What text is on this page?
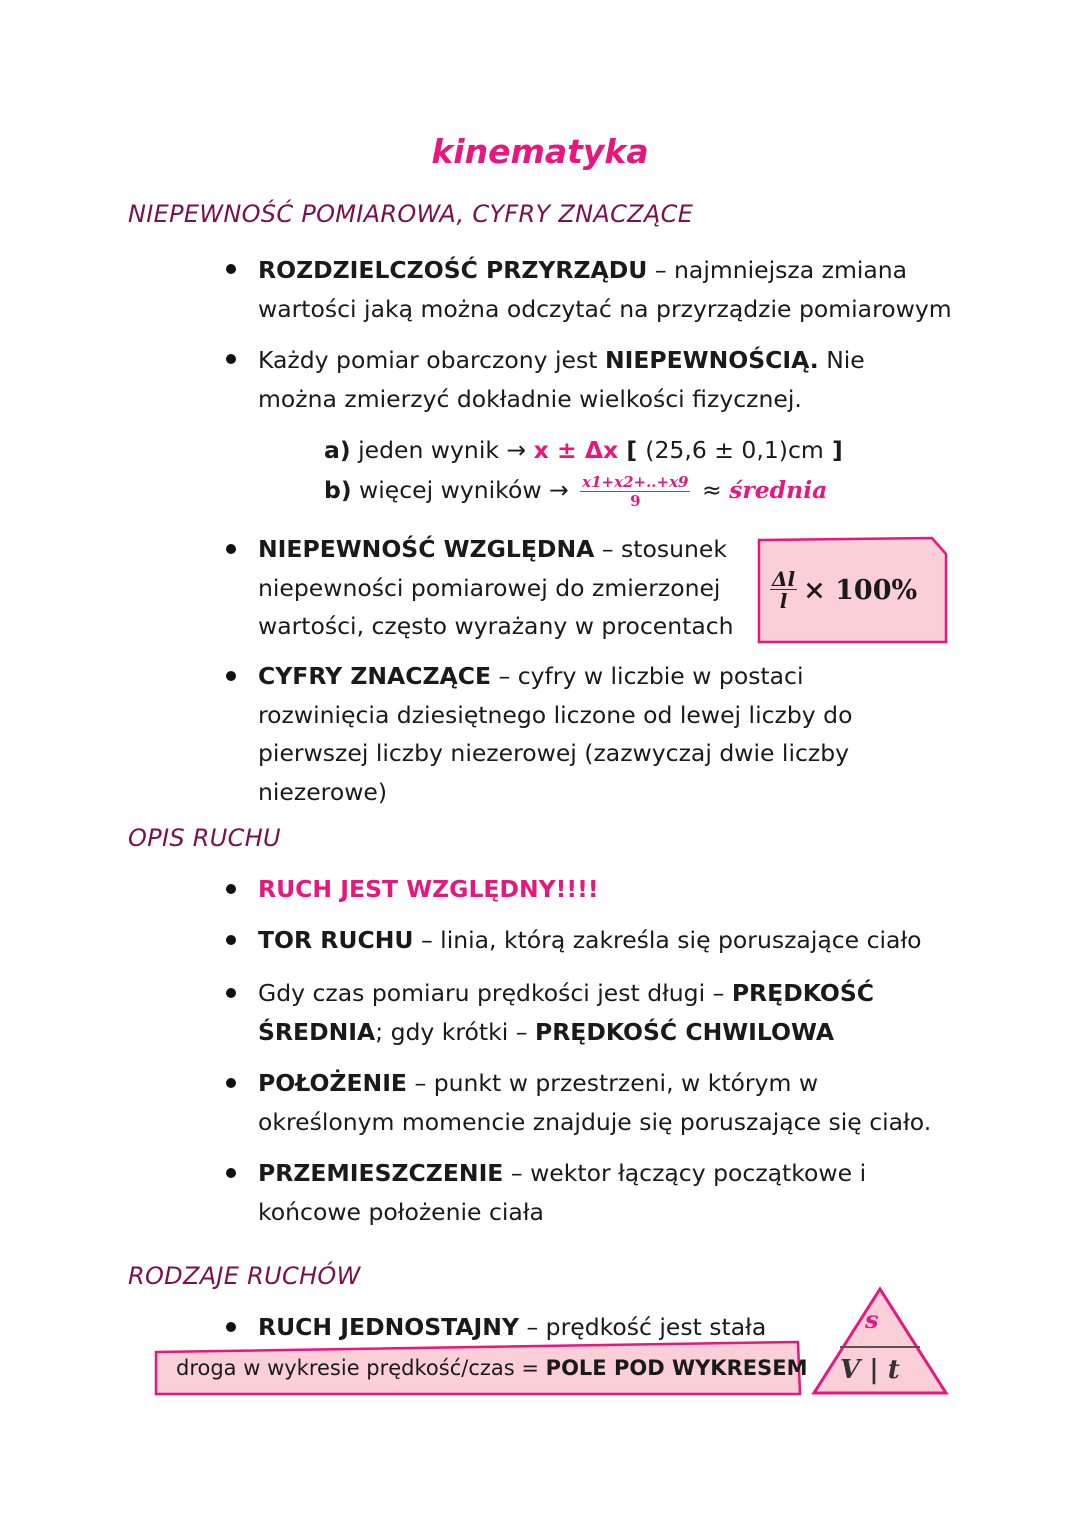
kinematyka
NIEPEWNOŚĆ POMIAROWA, CYFRY ZNACZĄCE
ROZDZIELCZOŚĆ PRZYRZĄDU – najmniejsza zmiana
wartości jaką można odczytać na przyrządzie pomiarowym
Każdy pomiar obarczony jest NIEPEWNOŚCIĄ. Nie
można zmierzyć dokładnie wielkości fizycznej.
a) jeden wynik → x ± Δx [ (25,6 ± 0,1)cm ]
b) więcej wyników → $\frac{x1+x2+..+x9}{9}$ ≈ średnia
NIEPEWNOŚĆ WZGLĘDNA – stosunek
niepewności pomiarowej do zmierzonej
wartości, często wyrażany w procentach
$\frac{\Delta l}{l} \times 100\%$
CYFRY ZNACZĄCE – cyfry w liczbie w postaci
rozwinięcia dziesiętnego liczone od lewej liczby do
pierwszej liczby niezerowej (zazwyczaj dwie liczby
niezerowe)
OPIS RUCHU
RUCH JEST WZGLĘDNY!!!!
TOR RUCHU – linia, którą zakreśla się poruszające ciało
Gdy czas pomiaru prędkości jest długi – PRĘDKOŚĆ
ŚREDNIA; gdy krótki – PRĘDKOŚĆ CHWILOWA
POŁOŻENIE – punkt w przestrzeni, w którym w
określonym momencie znajduje się poruszające się ciało.
PRZEMIESZCZENIE – wektor łączący początkowe i
końcowe położenie ciała
RODZAJE RUCHÓW
RUCH JEDNOSTAJNY – prędkość jest stała
droga w wykresie prędkość/czas = POLE POD WYKRESEM
s
V | t
